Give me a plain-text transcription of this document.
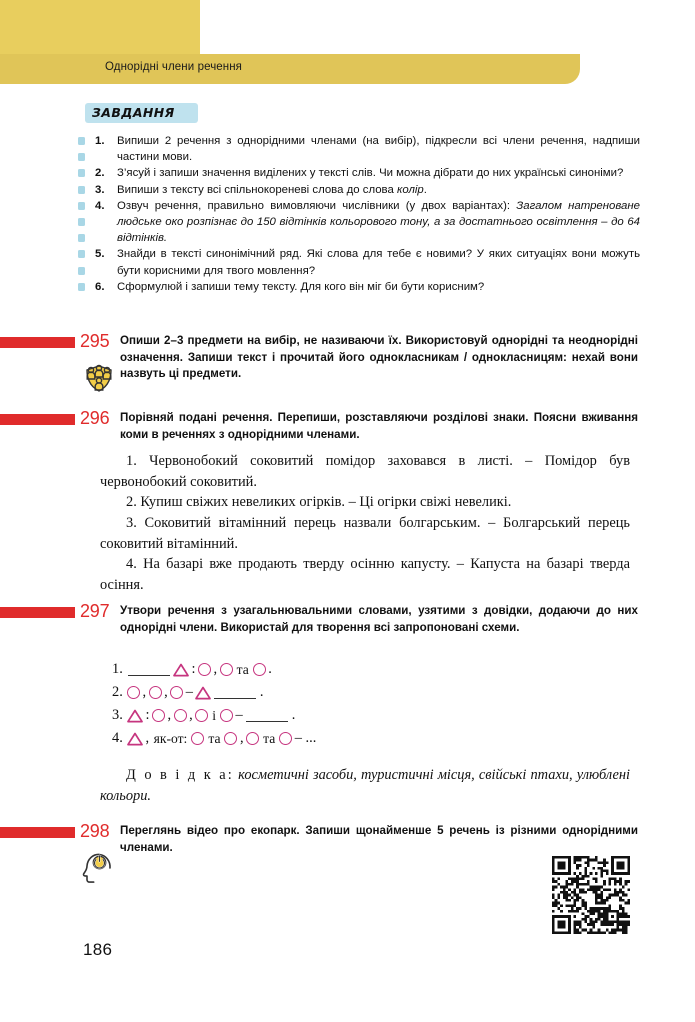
Однорідні члени речення
ЗАВДАННЯ
1.	Випиши 2 речення з однорідними членами (на вибір), підкресли всі члени речення, надпиши частини мови.
2.	З’ясуй і запиши значення виділених у тексті слів. Чи можна дібрати до них українські синоніми?
3.	Випиши з тексту всі спільнокореневі слова до слова колір.
4.	Озвуч речення, правильно вимовляючи числівники (у двох варіантах): Загалом натреноване людське око розпізнає до 150 відтінків кольорового тону, а за достатнього освітлення – до 64 відтінків.
5.	Знайди в тексті синонімічний ряд. Які слова для тебе є новими? У яких ситуаціях вони можуть бути корисними для твого мовлення?
6.	Сформулюй і запиши тему тексту. Для кого він міг би бути корисним?
295 Опиши 2–3 предмети на вибір, не називаючи їх. Використовуй однорідні та неоднорідні означення. Запиши текст і прочитай його однокласникам / однокласницям: нехай вони назвуть ці предмети.
296 Порівняй подані речення. Перепиши, розставляючи розділові знаки. Поясни вживання коми в реченнях з однорідними членами.
1. Червонобокий соковитий помідор заховався в листі. – Помідор був червонобокий соковитий.
2. Купиш свіжих невеликих огірків. – Ці огірки свіжі невеликі.
3. Соковитий вітамінний перець назвали болгарським. – Болгарський перець соковитий вітамінний.
4. На базарі вже продають тверду осінню капусту. – Капуста на базарі тверда осіння.
297 Утвори речення з узагальнювальними словами, узятими з довідки, додаючи до них однорідні члени. Використай для творення всі запропоновані схеми.
1.	: , та .
2. , , –	.
3. : , , і –	.
4. , як-от: та , та – ...
Д о в і д к а: косметичні засоби, туристичні місця, свійські птахи, улюблені кольори.
298 Переглянь відео про екопарк. Запиши щонайменше 5 речень із різними однорідними членами.
186
